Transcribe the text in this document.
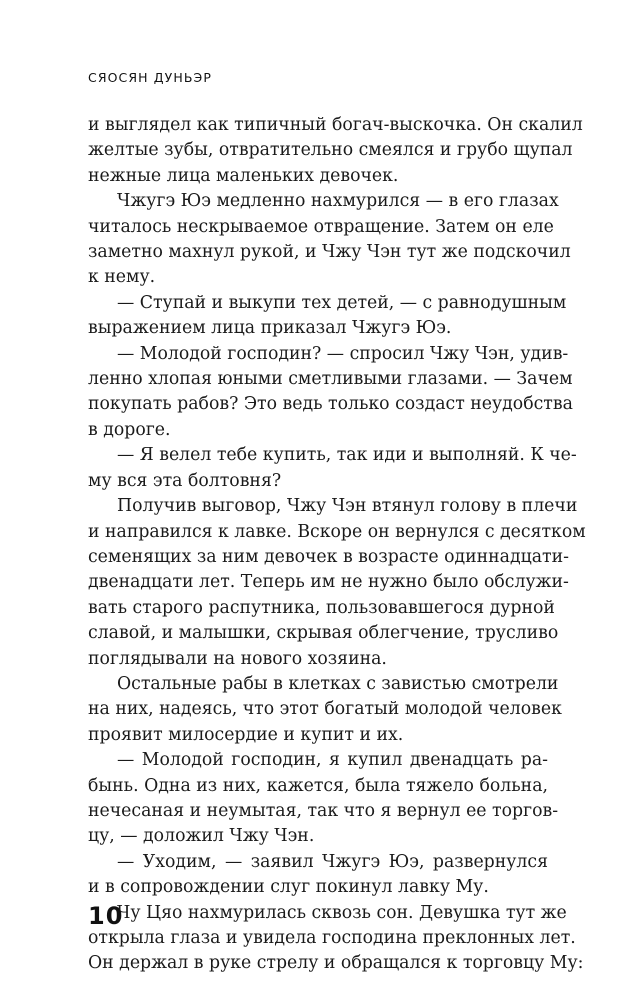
СЯОСЯН ДУНЬЭР
и выглядел как типичный богач-выскочка. Он скалил
желтые зубы, отвратительно смеялся и грубо щупал
нежные лица маленьких девочек.
Чжугэ Юэ медленно нахмурился — в его глазах
читалось нескрываемое отвращение. Затем он еле
заметно махнул рукой, и Чжу Чэн тут же подскочил
к нему.
— Ступай и выкупи тех детей, — с равнодушным
выражением лица приказал Чжугэ Юэ.
— Молодой господин? — спросил Чжу Чэн, удив-
ленно хлопая юными сметливыми глазами. — Зачем
покупать рабов? Это ведь только создаст неудобства
в дороге.
— Я велел тебе купить, так иди и выполняй. К че-
му вся эта болтовня?
Получив выговор, Чжу Чэн втянул голову в плечи
и направился к лавке. Вскоре он вернулся с десятком
семенящих за ним девочек в возрасте одиннадцати-
двенадцати лет. Теперь им не нужно было обслужи-
вать старого распутника, пользовавшегося дурной
славой, и малышки, скрывая облегчение, трусливо
поглядывали на нового хозяина.
Остальные рабы в клетках с завистью смотрели
на них, надеясь, что этот богатый молодой человек
проявит милосердие и купит и их.
— Молодой господин, я купил двенадцать ра-
бынь. Одна из них, кажется, была тяжело больна,
нечесаная и неумытая, так что я вернул ее торгов-
цу, — доложил Чжу Чэн.
— Уходим, — заявил Чжугэ Юэ, развернулся
и в сопровождении слуг покинул лавку Му.
Чу Цяо нахмурилась сквозь сон. Девушка тут же
открыла глаза и увидела господина преклонных лет.
Он держал в руке стрелу и обращался к торговцу Му:
10
